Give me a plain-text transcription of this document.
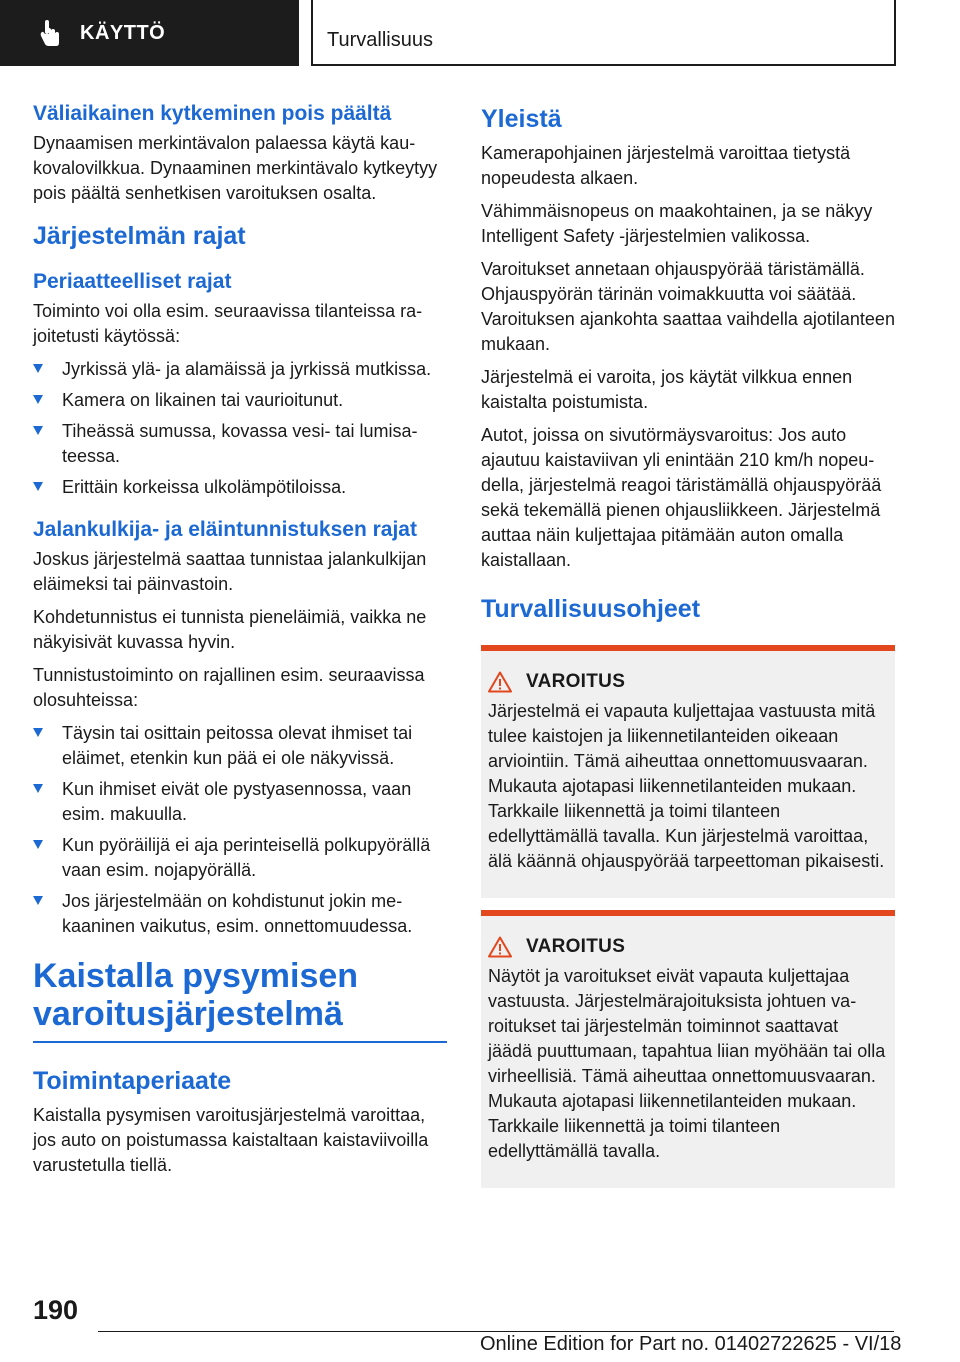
KÄYTTÖ	Turvallisuus
Väliaikainen kytkeminen pois päältä

Dynaamisen merkintävalon palaessa käytä kaukovalovilkkua. Dynaaminen merkintävalo kytkeytyy pois päältä senhetkisen varoituksen osalta.

Järjestelmän rajat
Periaatteelliset rajat

Toiminto voi olla esim. seuraavissa tilanteissa rajoitetusti käytössä:

Jyrkissä ylä- ja alamäissä ja jyrkissä mutkissa.
Kamera on likainen tai vaurioitunut.
Tiheässä sumussa, kovassa vesi- tai lumisateessa.
Erittäin korkeissa ulkolämpötiloissa.
Jalankulkija- ja eläintunnistuksen rajat

Joskus järjestelmä saattaa tunnistaa jalankulkijan eläimeksi tai päinvastoin.

Kohdetunnistus ei tunnista pieneläimiä, vaikka ne näkyisivät kuvassa hyvin.

Tunnistustoiminto on rajallinen esim. seuraavissa olosuhteissa:

Täysin tai osittain peitossa olevat ihmiset tai eläimet, etenkin kun pää ei ole näkyvissä.
Kun ihmiset eivät ole pystyasennossa, vaan esim. makuulla.
Kun pyöräilijä ei aja perinteisellä polkupyörällä vaan esim. nojapyörällä.
Jos järjestelmään on kohdistunut jokin mekaaninen vaikutus, esim. onnettomuudessa.
Kaistalla pysymisen varoitusjärjestelmä
Toimintaperiaate

Kaistalla pysymisen varoitusjärjestelmä varoittaa, jos auto on poistumassa kaistaltaan kaistaviivoilla varustetulla tiellä.

Yleistä

Kamerapohjainen järjestelmä varoittaa tietystä nopeudesta alkaen.

Vähimmäisnopeus on maakohtainen, ja se näkyy Intelligent Safety -järjestelmien valikossa.

Varoitukset annetaan ohjauspyörää täristämällä. Ohjauspyörän tärinän voimakkuutta voi säätää. Varoituksen ajankohta saattaa vaihdella ajotilanteen mukaan.

Järjestelmä ei varoita, jos käytät vilkkua ennen kaistalta poistumista.

Autot, joissa on sivutörmäysvaroitus: Jos auto ajautuu kaistaviivan yli enintään 210 km/h nopeudella, järjestelmä reagoi täristämällä ohjauspyörää sekä tekemällä pienen ohjausliikkeen. Järjestelmä auttaa näin kuljettajaa pitämään auton omalla kaistallaan.

Turvallisuusohjeet
VAROITUS

Järjestelmä ei vapauta kuljettajaa vastuusta mitä tulee kaistojen ja liikennetilanteiden oikeaan arviointiin. Tämä aiheuttaa onnettomuusvaaran. Mukauta ajotapasi liikennetilanteiden mukaan. Tarkkaile liikennettä ja toimi tilanteen edellyttämällä tavalla. Kun järjestelmä varoittaa, älä käännä ohjauspyörää tarpeettoman pikaisesti.

VAROITUS

Näytöt ja varoitukset eivät vapauta kuljettajaa vastuusta. Järjestelmärajoituksista johtuen varoitukset tai järjestelmän toiminnot saattavat jäädä puuttumaan, tapahtua liian myöhään tai olla virheellisiä. Tämä aiheuttaa onnettomuusvaaran. Mukauta ajotapasi liikennetilanteiden mukaan. Tarkkaile liikennettä ja toimi tilanteen edellyttämällä tavalla.

190
Online Edition for Part no. 01402722625 - VI/18
